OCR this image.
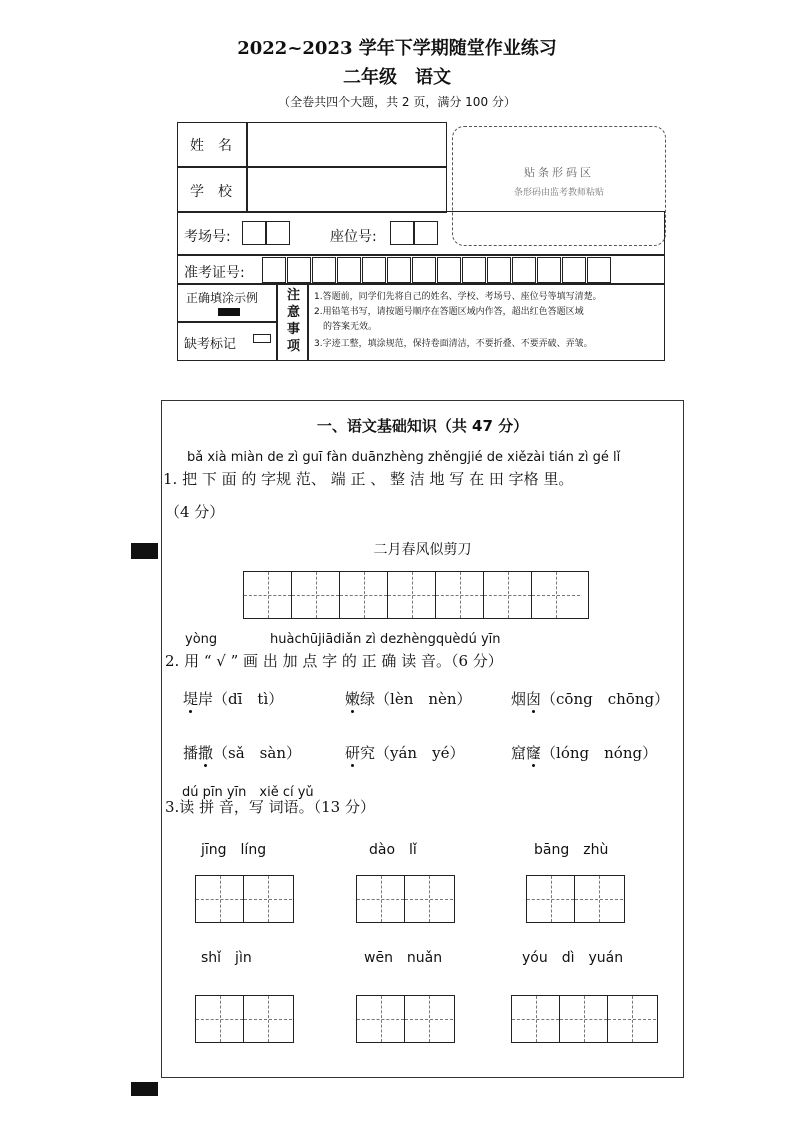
2022~2023 学年下学期随堂作业练习
二年级　语文
（全卷共四个大题，共 2 页，满分 100 分）
姓　名
学　校
考场号:	座位号:
准考证号:
正确填涂示例
缺考标记
注
意
事
项
1.答题前，同学们先将自己的姓名、学校、考场号、座位号等填写清楚。
2.用铅笔书写，请按题号顺序在答题区域内作答，超出红色答题区域
　的答案无效。
3.字迹工整，填涂规范，保持卷面清洁，不要折叠、不要弄破、弄皱。
贴条形码区
条形码由监考教师粘贴
一、语文基础知识（共 47 分）
bǎ xià miàn de zì guī fàn duānzhèng zhěngjié de xiězài tián zì gé lǐ
1. 把 下 面 的 字规 范、 端 正 、 整 洁 地 写 在 田 字格 里。
（4 分）
二月春风似剪刀
yòng	huàchūjiādiǎn zì dezhèngquèdú yīn
2. 用 “ √ ” 画 出 加 点 字 的 正 确 读 音。（6 分）
堤岸（dī　tì）	嫩绿（lèn　nèn）	烟囱（cōng　chōng）
播撒（sǎ　sàn）	研究（yán　yé）	窟窿（lóng　nóng）
dú pīn yīn　xiě cí yǔ
3.读 拼 音，写 词语。（13 分）
jīng　líng	dào　lǐ	bāng　zhù
shǐ　jìn	wēn　nuǎn	yóu　dì　yuán
